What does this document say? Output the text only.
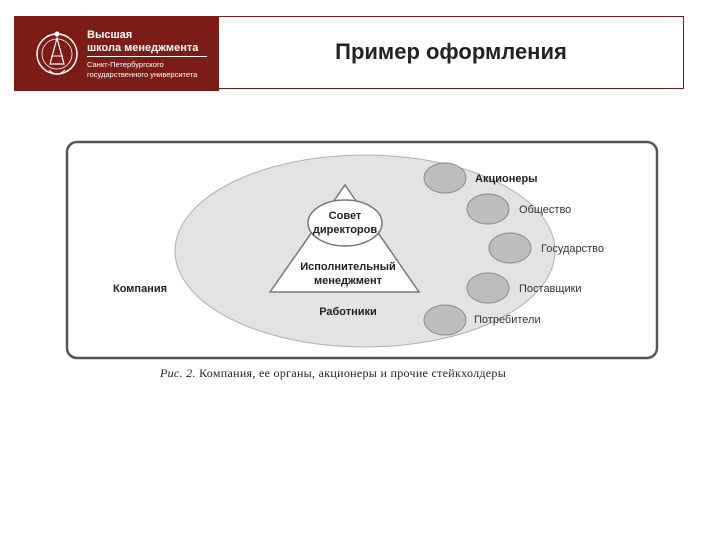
Высшая
школа менеджмента
Санкт-Петербургского
государственного университета
Пример оформления
Совет
директоров
Исполнительный
менеджмент
Работники
Компания
Акционеры
Общество
Государство
Поставщики
Потребители
Рис. 2. Компания, ее органы, акционеры и прочие стейкхолдеры
